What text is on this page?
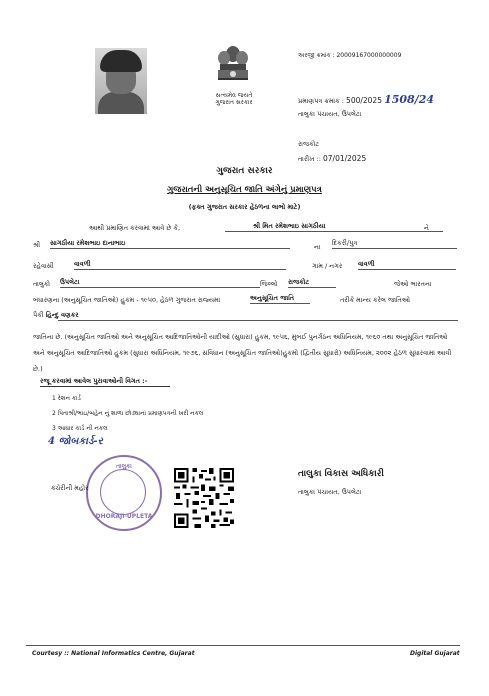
સત્યમેવ જયતે
ગુજરાત સરકાર
અરજી ક્રમાંક : 20009167000000009
પ્રમાણપત્ર ક્રમાંક : 500/2025 1508/24
તાલુકા પંચાયત, ઉપલેટા
રાજકોટ
તારીખ :: 07/01/2025
ગુજરાત સરકાર
ગુજરાતની અનુસૂચિત જાતિ અંગેનું પ્રમાણપત્ર
(ફક્ત ગુજરાત સરકાર હેઠળના લાભો માટે)
આથી પ્રમાણિત કરવામાં આવે છે કે,	શ્રી મિત રમેશભાઇ સાગઠીયા	ને
શ્રી સાગઠીયા રમેશભાઇ દાનાભાઇ	ના દિકરી/પુત્ર
રહેવાસી	વાવળી	ગામ / નગર વાવળી
તાલુકો ઉપલેટા	જિલ્લો રાજકોટ	જેઓ ભારતના
બંધારણના (અનુસૂચિત જાતિઓ) હુકમ - ૧૯૫૦, હેઠળ ગુજરાત રાજ્યમાં	અનુસૂચિત જાતિ	તરીકે માન્ય કરેલ જાતિઓ
પૈકી હિન્દુ વણકર
જાતિના છે. (અનુસૂચિત જાતિઓ અને અનુસૂચિત આદિજાતિઓની યાદીઓ (સુધારા) હુકમ, ૧૯૫૬, મુંબઈ પુનર્ગઠન અધિનિયમ, ૧૯૬૦ તથા અનુસૂચિત જાતિઓ અને અનુસૂચિત આદિજાતિઓ હુકમ (સુધારા અધિનિયમ, ૧૯૭૬, સંવિધાન (અનુસૂચિત જાતિઓ)હુકમો (દ્વિતીય સુધારો) અધિનિયમ, ૨૦૦૨ હેઠળ સુધારવામાં આવી છે.)
રજૂ કરવામાં આવેલ પુરાવાઓની વિગત :-
1 રેશન કાર્ડ
2 પિતાશ્રી/ભાઇ/બહેન નું શાળા છોડ્યાનાં પ્રમાણપત્રની ખરી નકલ
3 આધાર કાર્ડ ની નકલ
4 જોબકાર્ડ-ર
તાલુકા
DHORAJI-UPLETA
ક્ચેરીની મહોર
તાલુકા વિકાસ અધિકારી
તાલુકા પંચાયત, ઉપલેટા
Courtesy :: National Informatics Centre, Gujarat	Digital Gujarat
